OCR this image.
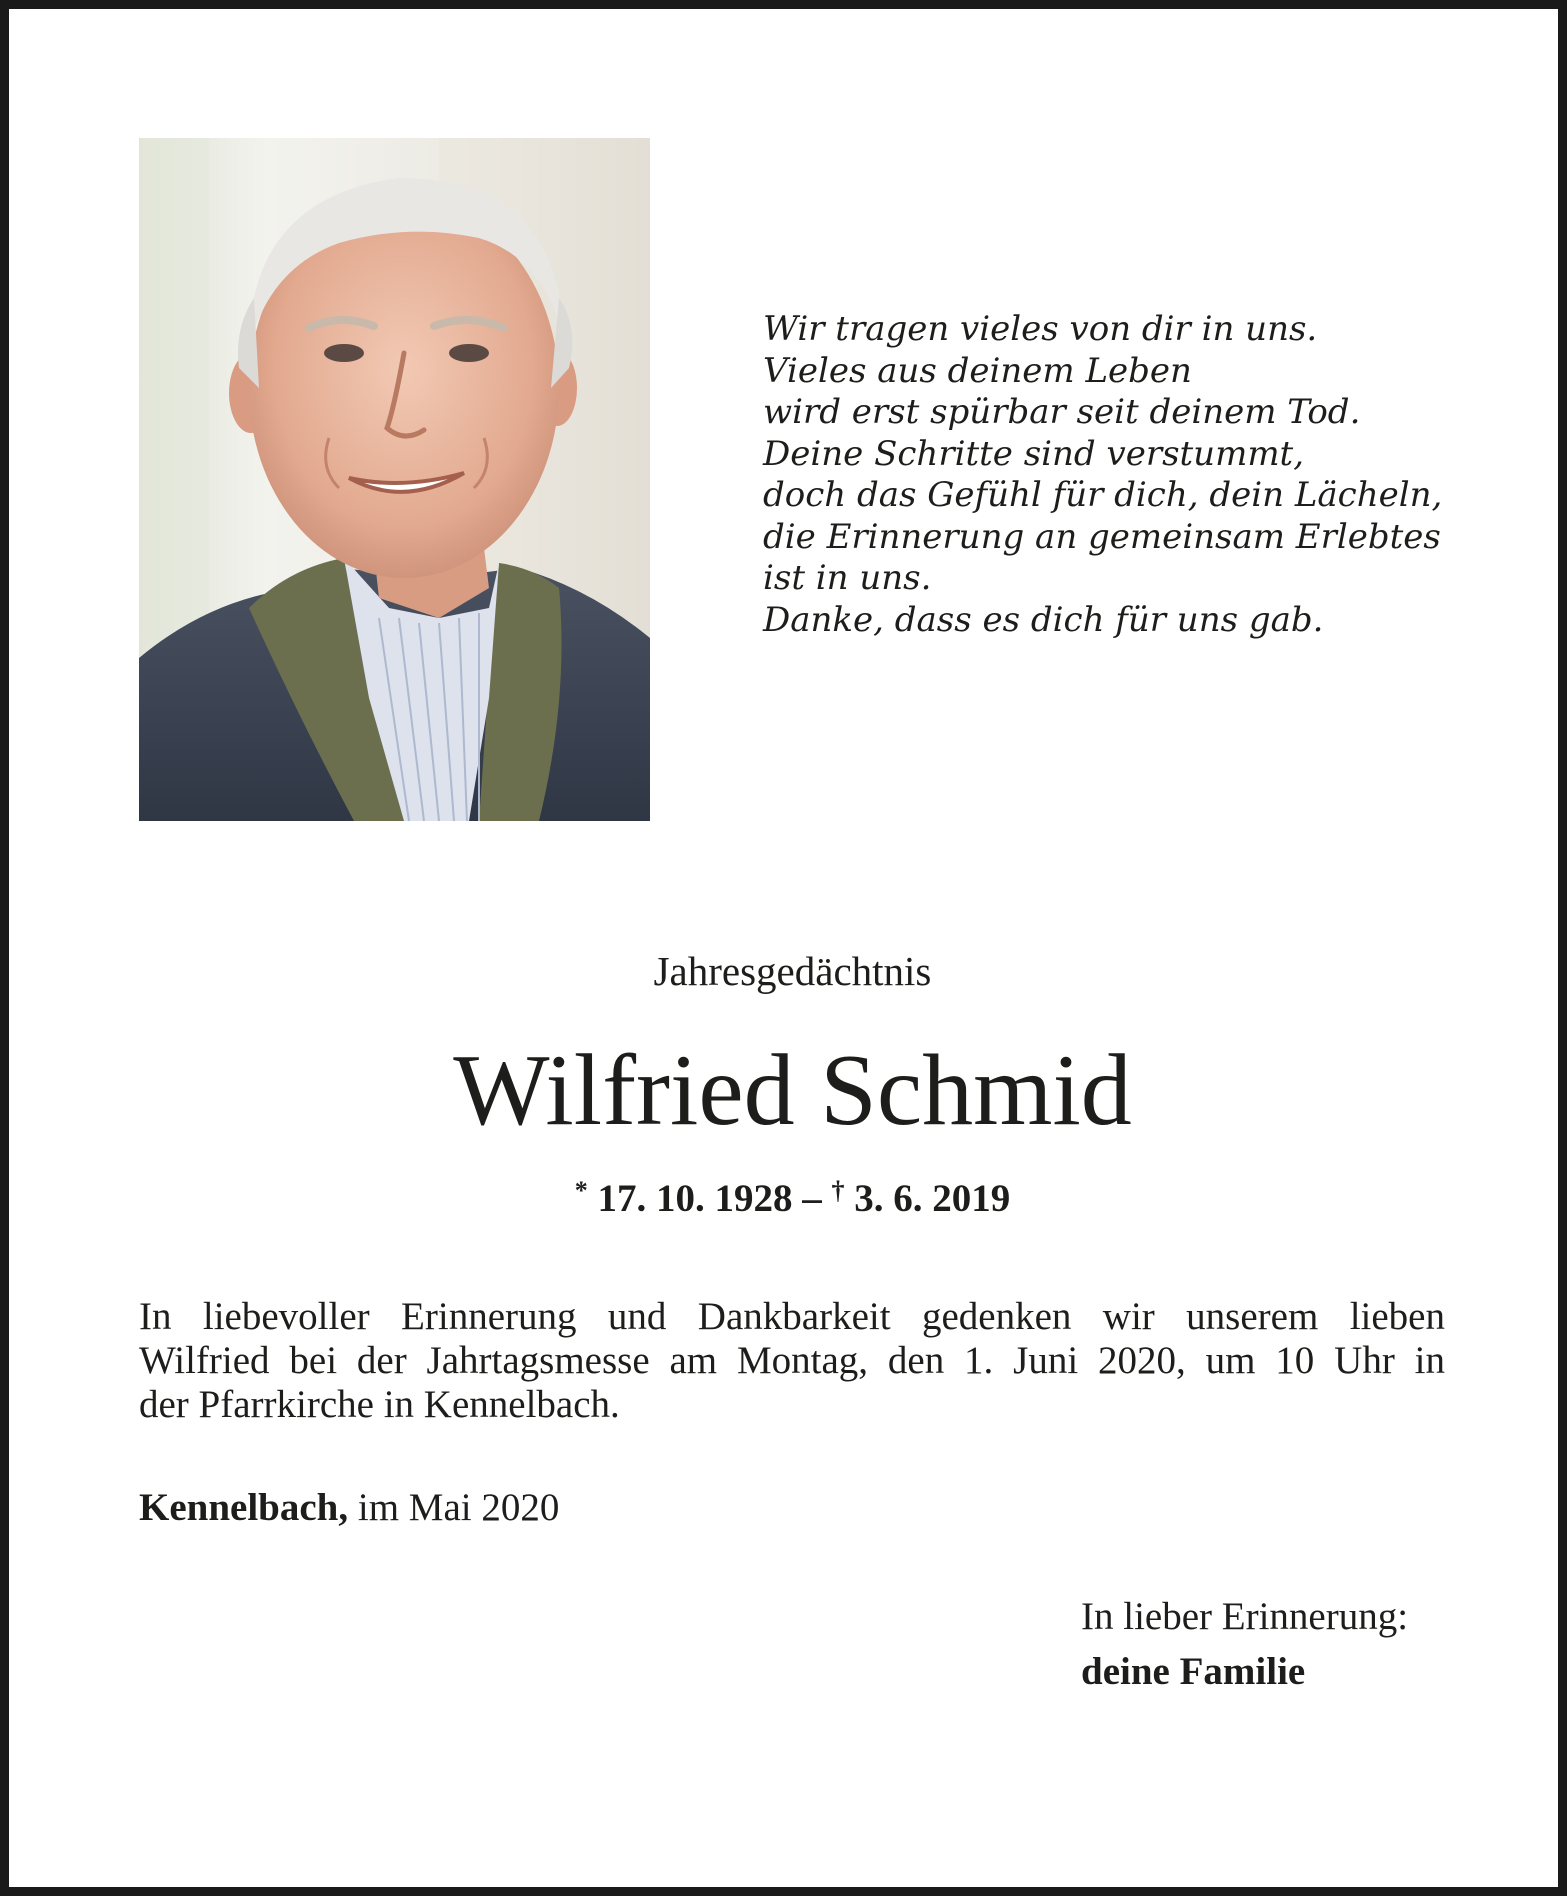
Wir tragen vieles von dir in uns.
Vieles aus deinem Leben
wird erst spürbar seit deinem Tod.
Deine Schritte sind verstummt,
doch das Gefühl für dich, dein Lächeln,
die Erinnerung an gemeinsam Erlebtes
ist in uns.
Danke, dass es dich für uns gab.
Jahresgedächtnis
Wilfried Schmid
* 17. 10. 1928 – † 3. 6. 2019
In liebevoller Erinnerung und Dankbarkeit gedenken wir unserem lieben
Wilfried bei der Jahrtagsmesse am Montag, den 1. Juni 2020, um 10 Uhr in
der Pfarrkirche in Kennelbach.
Kennelbach, im Mai 2020
In lieber Erinnerung:
deine Familie
